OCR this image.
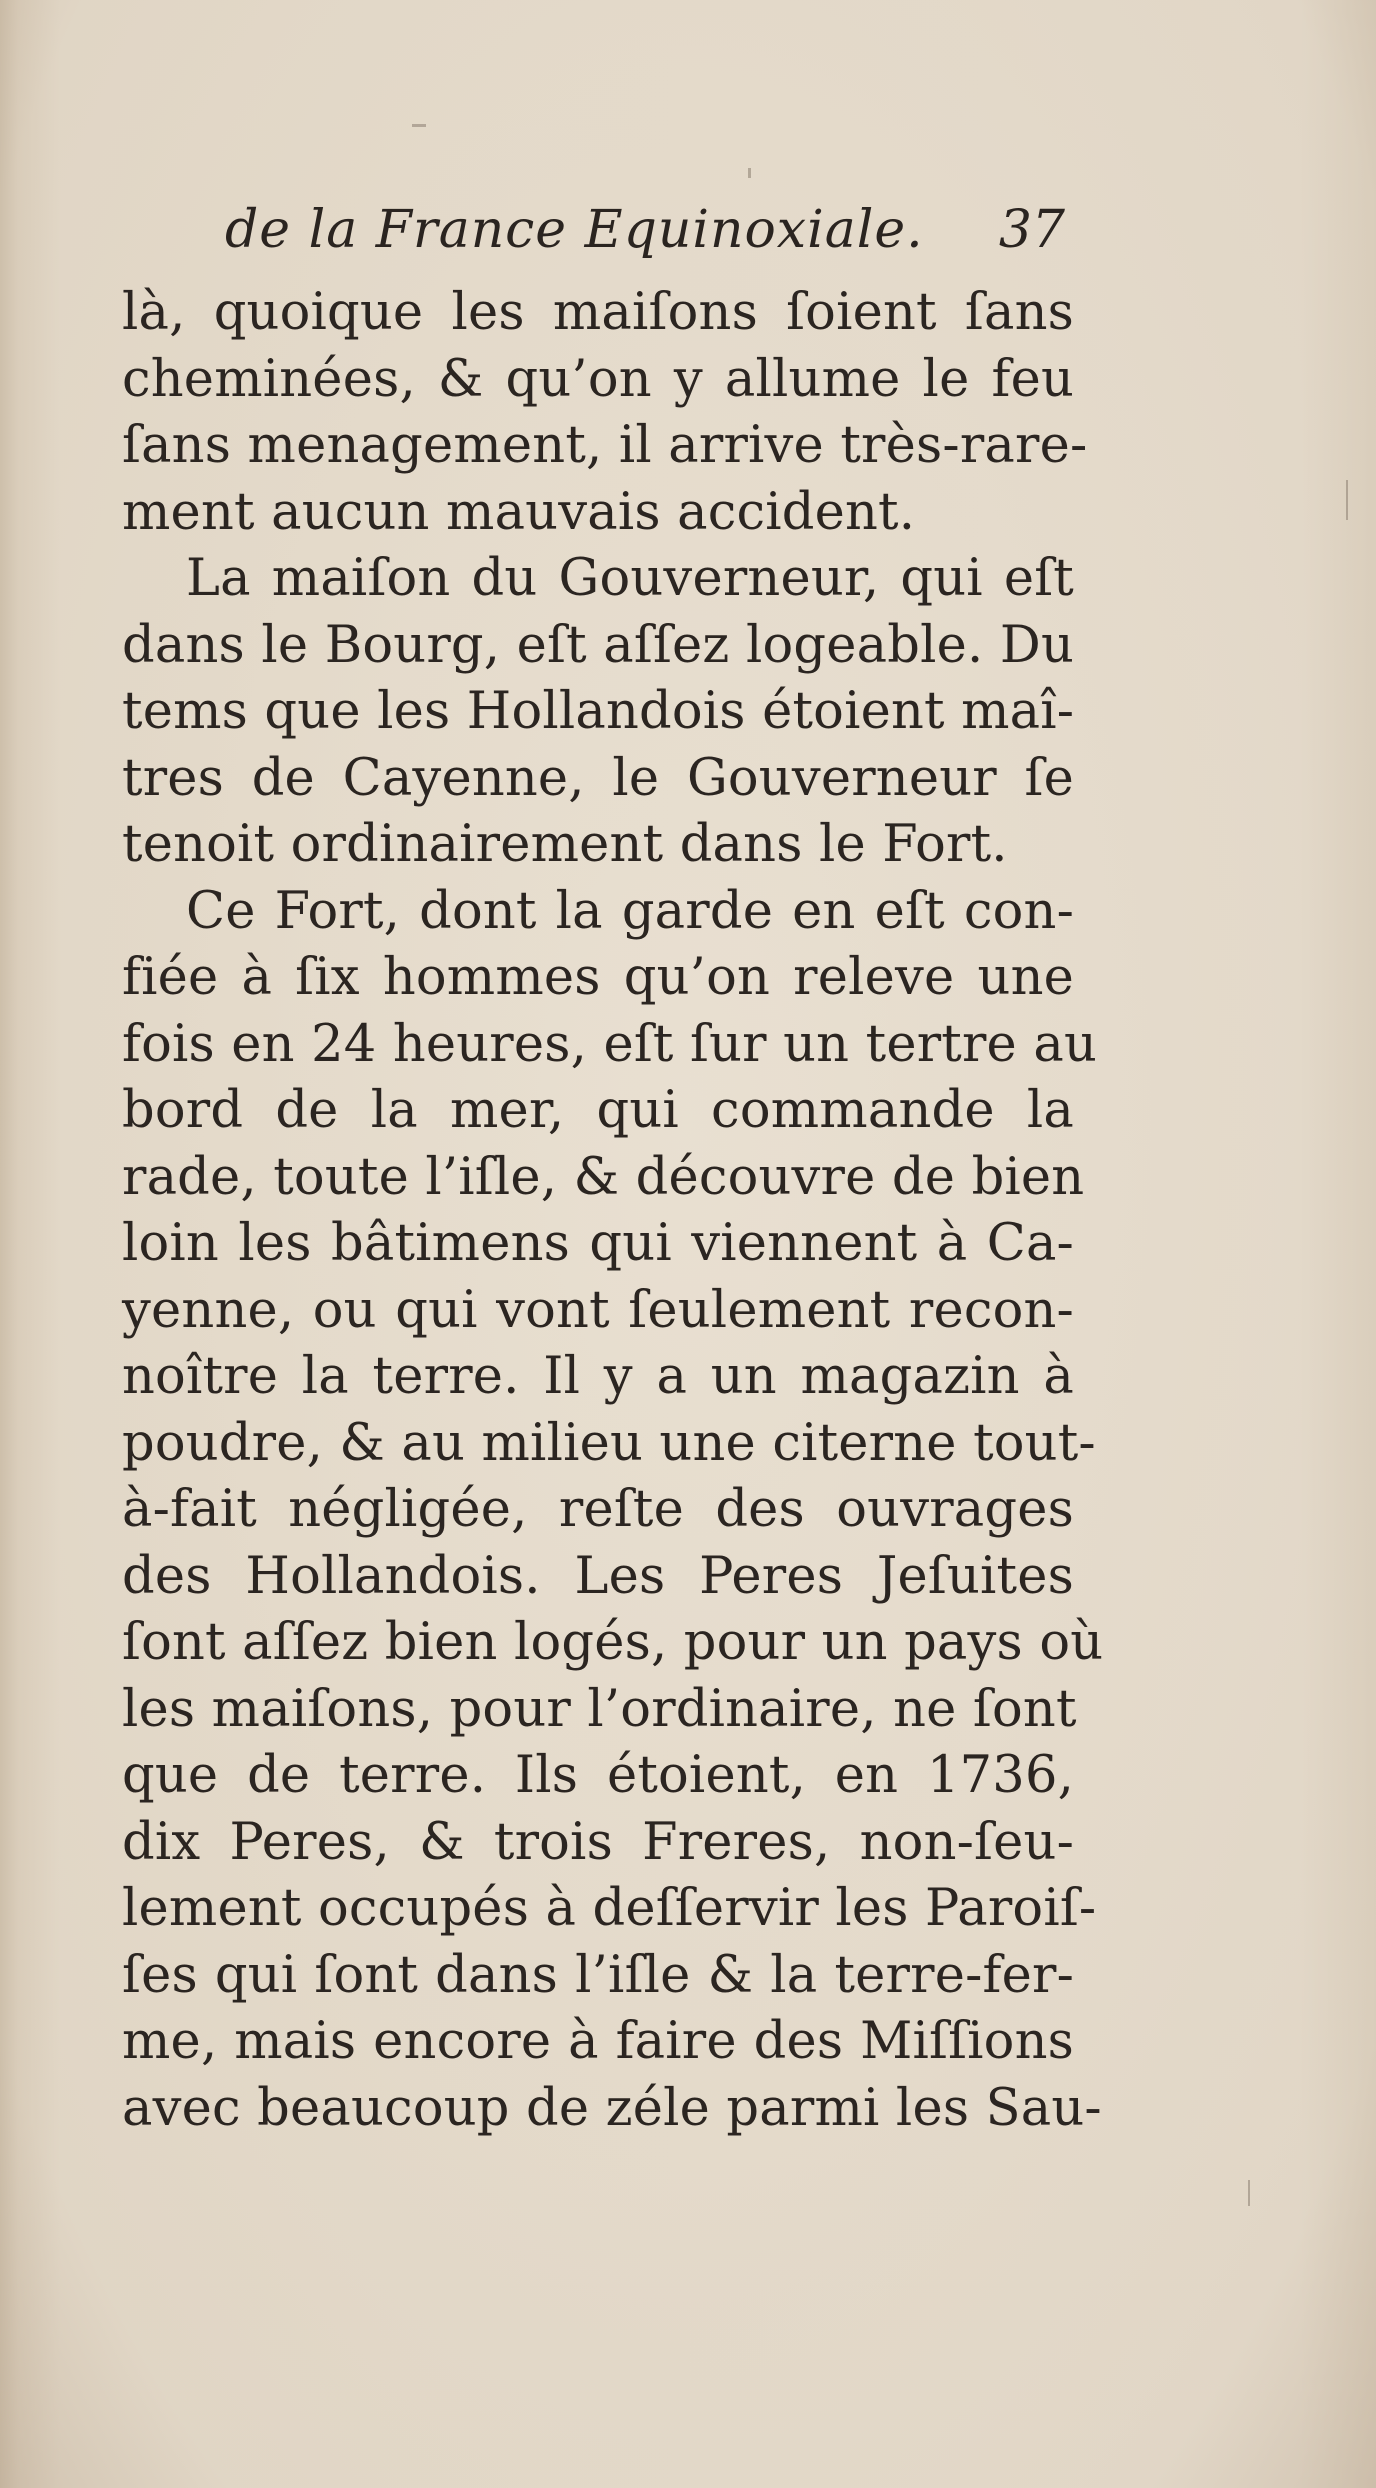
de la France Equinoxiale. 37
là, quoique les maiſons ſoient ſans
cheminées, & qu’on y allume le feu
ſans menagement, il arrive très-rare-
ment aucun mauvais accident.
La maiſon du Gouverneur, qui eſt
dans le Bourg, eſt aſſez logeable. Du
tems que les Hollandois étoient maî-
tres de Cayenne, le Gouverneur ſe
tenoit ordinairement dans le Fort.
Ce Fort, dont la garde en eſt con-
fiée à ſix hommes qu’on releve une
fois en 24 heures, eſt ſur un tertre au
bord de la mer, qui commande la
rade, toute l’iſle, & découvre de bien
loin les bâtimens qui viennent à Ca-
yenne, ou qui vont ſeulement recon-
noître la terre. Il y a un magazin à
poudre, & au milieu une citerne tout-
à-fait négligée, reſte des ouvrages
des Hollandois. Les Peres Jeſuites
ſont aſſez bien logés, pour un pays où
les maiſons, pour l’ordinaire, ne ſont
que de terre. Ils étoient, en 1736,
dix Peres, & trois Freres, non-ſeu-
lement occupés à deſſervir les Paroiſ-
ſes qui ſont dans l’iſle & la terre-fer-
me, mais encore à faire des Miſſions
avec beaucoup de zéle parmi les Sau-
